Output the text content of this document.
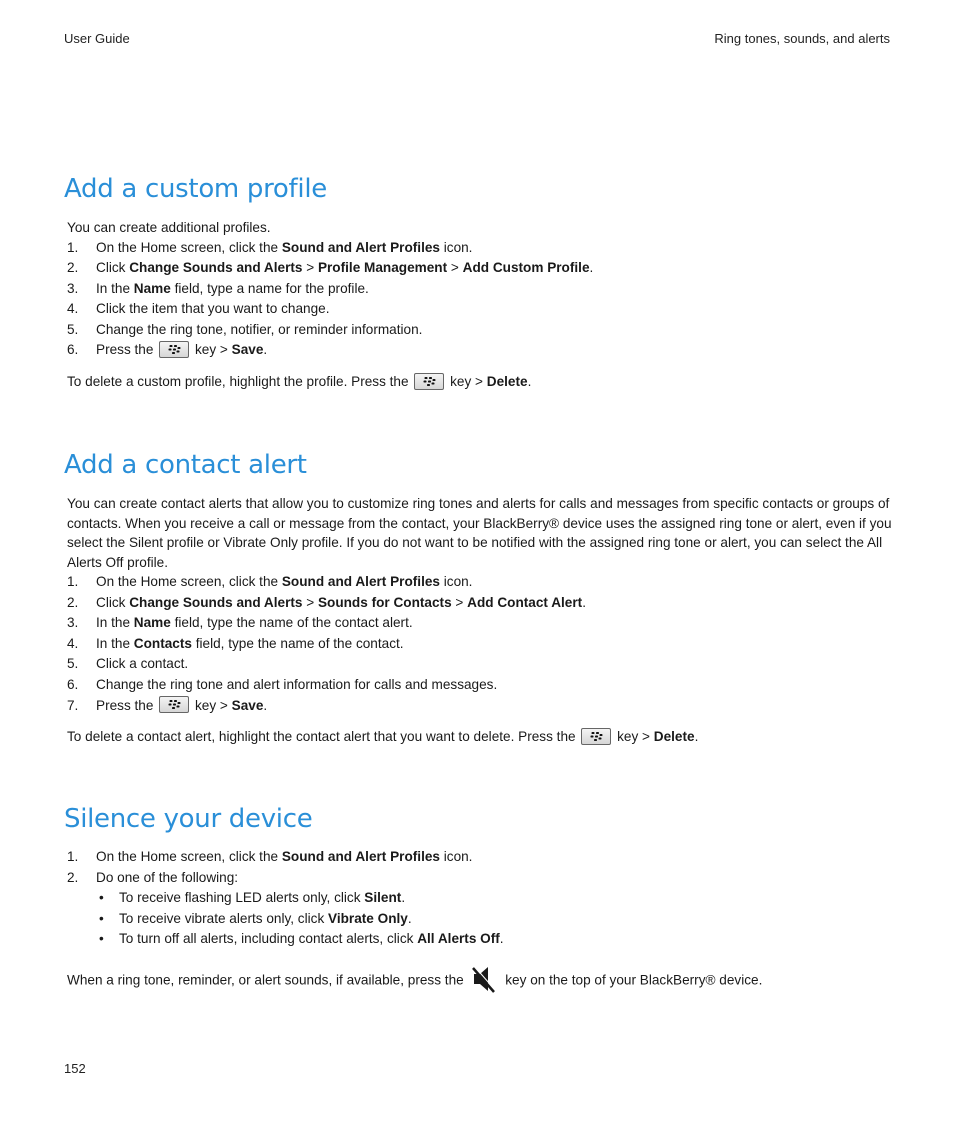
User Guide	Ring tones, sounds, and alerts
Add a custom profile

You can create additional profiles.

1. On the Home screen, click the Sound and Alert Profiles icon.
2. Click Change Sounds and Alerts > Profile Management > Add Custom Profile.
3. In the Name field, type a name for the profile.
4. Click the item that you want to change.
5. Change the ring tone, notifier, or reminder information.
6. Press the	key > Save.

To delete a custom profile, highlight the profile. Press the	key > Delete.

Add a contact alert

You can create contact alerts that allow you to customize ring tones and alerts for calls and messages from specific contacts or groups of contacts. When you receive a call or message from the contact, your BlackBerry® device uses the assigned ring tone or alert, even if you select the Silent profile or Vibrate Only profile. If you do not want to be notified with the assigned ring tone or alert, you can select the All Alerts Off profile.

1. On the Home screen, click the Sound and Alert Profiles icon.
2. Click Change Sounds and Alerts > Sounds for Contacts > Add Contact Alert.
3. In the Name field, type the name of the contact alert.
4. In the Contacts field, type the name of the contact.
5. Click a contact.
6. Change the ring tone and alert information for calls and messages.
7. Press the	key > Save.

To delete a contact alert, highlight the contact alert that you want to delete. Press the	key > Delete.

Silence your device
1. On the Home screen, click the Sound and Alert Profiles icon.
2. Do one of the following:
• To receive flashing LED alerts only, click Silent.
• To receive vibrate alerts only, click Vibrate Only.
• To turn off all alerts, including contact alerts, click All Alerts Off.

When a ring tone, reminder, or alert sounds, if available, press the	key on the top of your BlackBerry® device.

152
